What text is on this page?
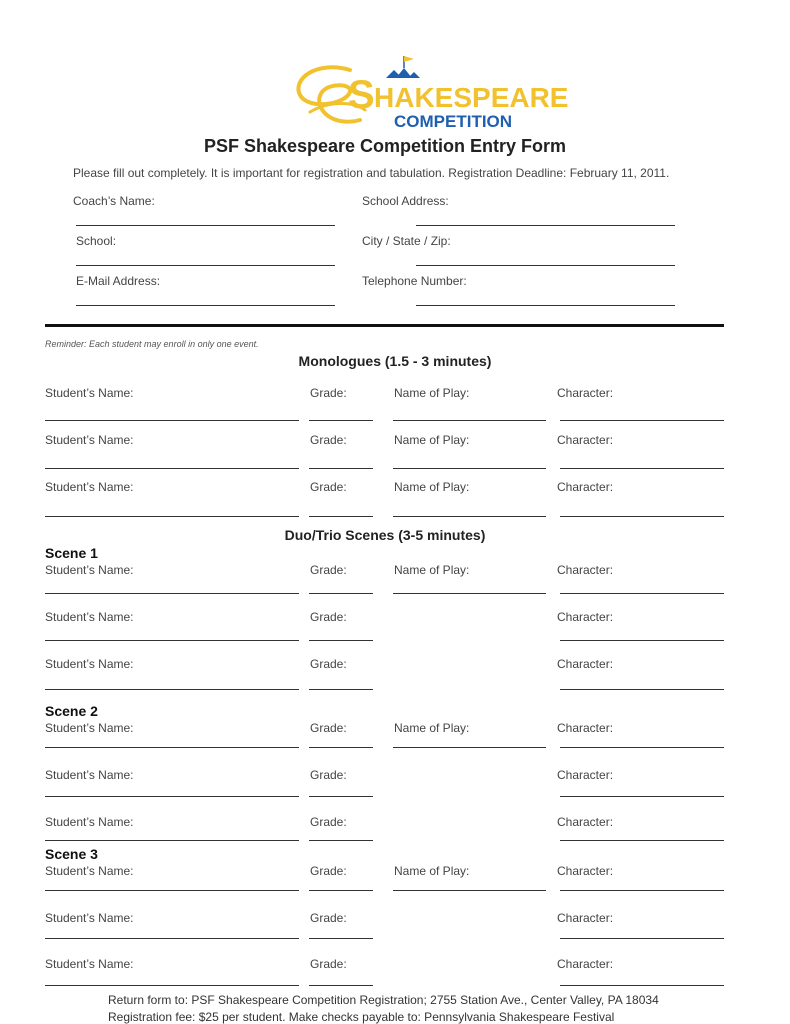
S HAKESPEARE
COMPETITION
PSF Shakespeare Competition Entry Form
Please fill out completely. It is important for registration and tabulation. Registration Deadline: February 11, 2011.
Coach’s Name:	School Address:
School:	City / State / Zip:
E-Mail Address:	Telephone Number:
Reminder: Each student may enroll in only one event.
Monologues (1.5 - 3 minutes)
Student’s Name:	Grade:	Name of Play:	Character:
Student’s Name:	Grade:	Name of Play:	Character:
Student’s Name:	Grade:	Name of Play:	Character:
Duo/Trio Scenes (3-5 minutes)
Scene 1
Student’s Name:	Grade:	Name of Play:	Character:
Student’s Name:	Grade:	Character:
Student’s Name:	Grade:	Character:
Scene 2
Student’s Name:	Grade:	Name of Play:	Character:
Student’s Name:	Grade:	Character:
Student’s Name:	Grade:	Character:
Scene 3
Student’s Name:	Grade:	Name of Play:	Character:
Student’s Name:	Grade:	Character:
Student’s Name:	Grade:	Character:
Return form to: PSF Shakespeare Competition Registration; 2755 Station Ave., Center Valley, PA 18034
Registration fee: $25 per student. Make checks payable to: Pennsylvania Shakespeare Festival
